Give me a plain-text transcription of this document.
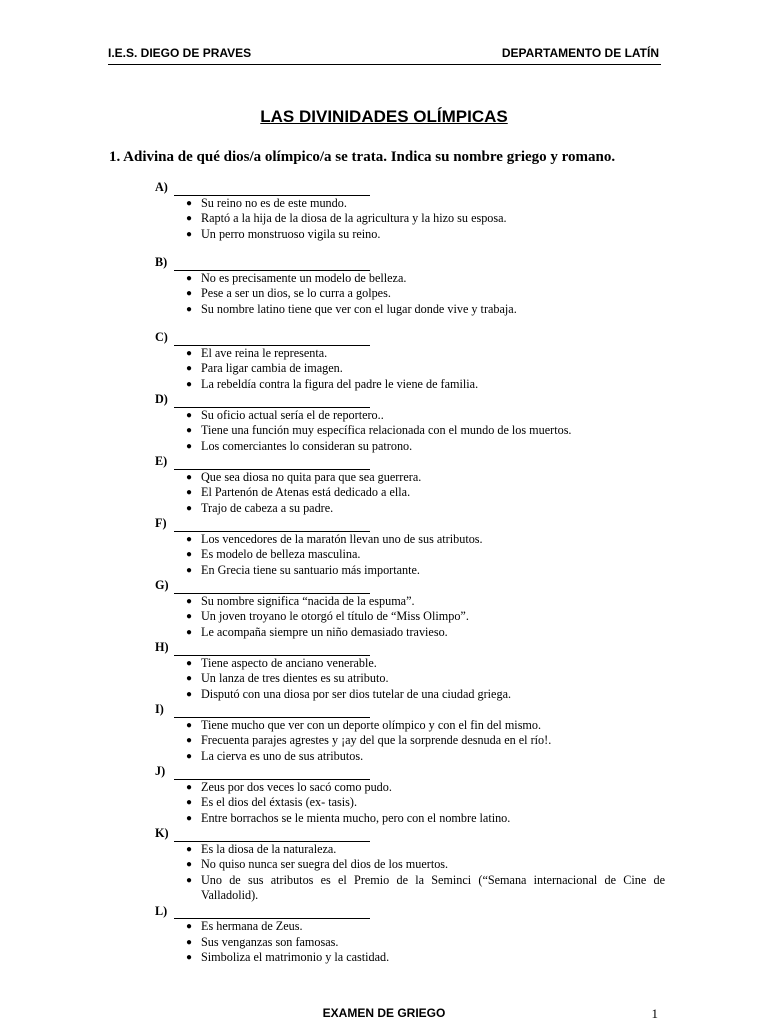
I.E.S. DIEGO DE PRAVES	DEPARTAMENTO DE LATÍN
LAS DIVINIDADES OLÍMPICAS
1. Adivina de qué dios/a olímpico/a se trata. Indica su nombre griego y romano.
A)
● Su reino no es de este mundo.
● Raptó a la hija de la diosa de la agricultura y la hizo su esposa.
● Un perro monstruoso vigila su reino.
B)
● No es precisamente un modelo de belleza.
● Pese a ser un dios, se lo curra a golpes.
● Su nombre latino tiene que ver con el lugar donde vive y trabaja.
C)
● El ave reina le representa.
● Para ligar cambia de imagen.
● La rebeldía contra la figura del padre le viene de familia.
D)
● Su oficio actual sería el de reportero..
● Tiene una función muy específica relacionada con el mundo de los muertos.
● Los comerciantes lo consideran su patrono.
E)
● Que sea diosa no quita para que sea guerrera.
● El Partenón de Atenas está dedicado a ella.
● Trajo de cabeza a su padre.
F)
● Los vencedores de la maratón llevan uno de sus atributos.
● Es modelo de belleza masculina.
● En Grecia tiene su santuario más importante.
G)
● Su nombre significa “nacida de la espuma”.
● Un joven troyano le otorgó el título de “Miss Olimpo”.
● Le acompaña siempre un niño demasiado travieso.
H)
● Tiene aspecto de anciano venerable.
● Un lanza de tres dientes es su atributo.
● Disputó con una diosa por ser dios tutelar de una ciudad griega.
I)
● Tiene mucho que ver con un deporte olímpico y con el fin del mismo.
● Frecuenta parajes agrestes y ¡ay del que la sorprende desnuda en el río!.
● La cierva es uno de sus atributos.
J)
● Zeus por dos veces lo sacó como pudo.
● Es el dios del éxtasis (ex- tasis).
● Entre borrachos se le mienta mucho, pero con el nombre latino.
K)
● Es la diosa de la naturaleza.
● No quiso nunca ser suegra del dios de los muertos.
● Uno de sus atributos es el Premio de la Seminci (“Semana internacional de Cine de Valladolid).
L)
● Es hermana de Zeus.
● Sus venganzas son famosas.
● Simboliza el matrimonio y la castidad.
EXAMEN DE GRIEGO	1
